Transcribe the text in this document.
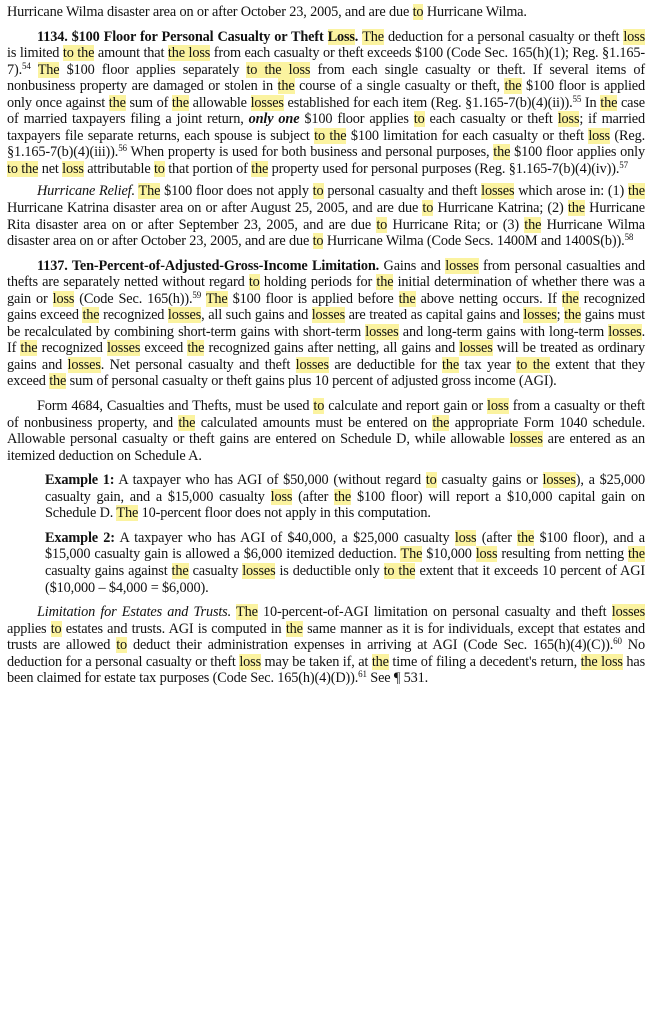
Hurricane Wilma disaster area on or after October 23, 2005, and are due to Hurricane Wilma.

1134. $100 Floor for Personal Casualty or Theft Loss. The deduction for a personal casualty or theft loss is limited to the amount that the loss from each casualty or theft exceeds $100 (Code Sec. 165(h)(1); Reg. §1.165-7).$^{54}$ The $100 floor applies separately to the loss from each single casualty or theft. If several items of nonbusiness property are damaged or stolen in the course of a single casualty or theft, the $100 floor is applied only once against the sum of the allowable losses established for each item (Reg. §1.165-7(b)(4)(ii)).$^{55}$ In the case of married taxpayers filing a joint return, only one $100 floor applies to each casualty or theft loss; if married taxpayers file separate returns, each spouse is subject to the $100 limitation for each casualty or theft loss (Reg. §1.165-7(b)(4)(iii)).$^{56}$ When property is used for both business and personal purposes, the $100 floor applies only to the net loss attributable to that portion of the property used for personal purposes (Reg. §1.165-7(b)(4)(iv)).$^{57}$

Hurricane Relief. The $100 floor does not apply to personal casualty and theft losses which arose in: (1) the Hurricane Katrina disaster area on or after August 25, 2005, and are due to Hurricane Katrina; (2) the Hurricane Rita disaster area on or after September 23, 2005, and are due to Hurricane Rita; or (3) the Hurricane Wilma disaster area on or after October 23, 2005, and are due to Hurricane Wilma (Code Secs. 1400M and 1400S(b)).$^{58}$

1137. Ten-Percent-of-Adjusted-Gross-Income Limitation. Gains and losses from personal casualties and thefts are separately netted without regard to holding periods for the initial determination of whether there was a gain or loss (Code Sec. 165(h)).$^{59}$ The $100 floor is applied before the above netting occurs. If the recognized gains exceed the recognized losses, all such gains and losses are treated as capital gains and losses; the gains must be recalculated by combining short-term gains with short-term losses and long-term gains with long-term losses. If the recognized losses exceed the recognized gains after netting, all gains and losses will be treated as ordinary gains and losses. Net personal casualty and theft losses are deductible for the tax year to the extent that they exceed the sum of personal casualty or theft gains plus 10 percent of adjusted gross income (AGI).

Form 4684, Casualties and Thefts, must be used to calculate and report gain or loss from a casualty or theft of nonbusiness property, and the calculated amounts must be entered on the appropriate Form 1040 schedule. Allowable personal casualty or theft gains are entered on Schedule D, while allowable losses are entered as an itemized deduction on Schedule A.

Example 1: A taxpayer who has AGI of $50,000 (without regard to casualty gains or losses), a $25,000 casualty gain, and a $15,000 casualty loss (after the $100 floor) will report a $10,000 capital gain on Schedule D. The 10-percent floor does not apply in this computation.

Example 2: A taxpayer who has AGI of $40,000, a $25,000 casualty loss (after the $100 floor), and a $15,000 casualty gain is allowed a $6,000 itemized deduction. The $10,000 loss resulting from netting the casualty gains against the casualty losses is deductible only to the extent that it exceeds 10 percent of AGI ($10,000 – $4,000 = $6,000).

Limitation for Estates and Trusts. The 10-percent-of-AGI limitation on personal casualty and theft losses applies to estates and trusts. AGI is computed in the same manner as it is for individuals, except that estates and trusts are allowed to deduct their administration expenses in arriving at AGI (Code Sec. 165(h)(4)(C)).$^{60}$ No deduction for a personal casualty or theft loss may be taken if, at the time of filing a decedent's return, the loss has been claimed for estate tax purposes (Code Sec. 165(h)(4)(D)).$^{61}$ See ¶ 531.
